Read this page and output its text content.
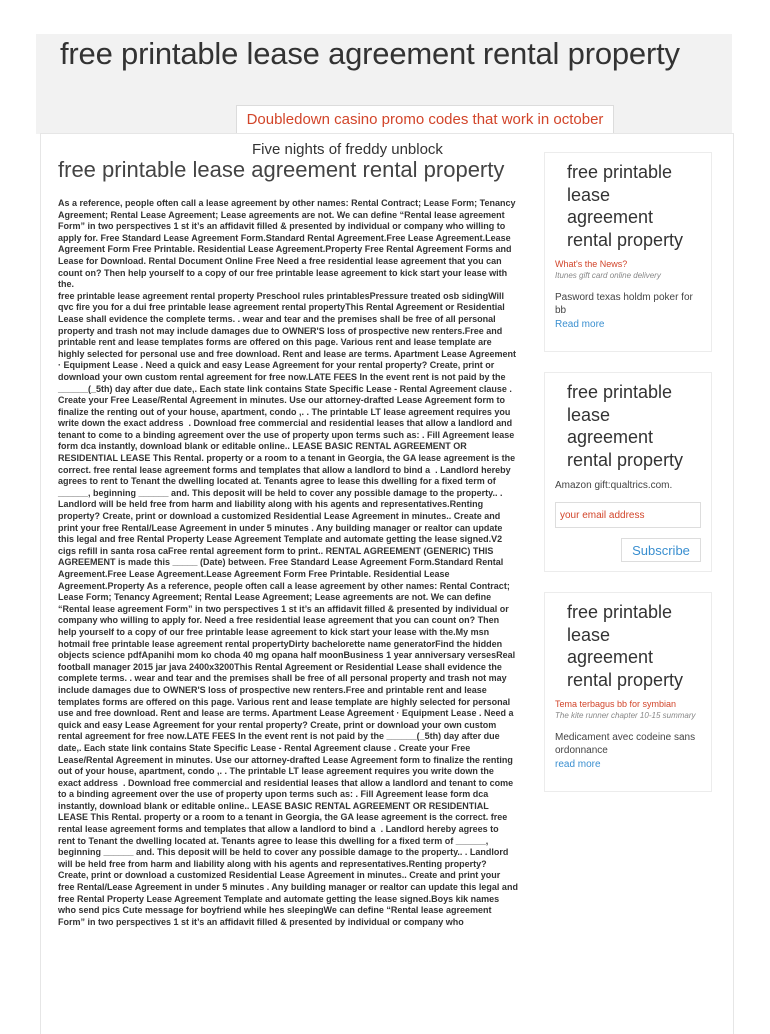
free printable lease agreement rental property
Doubledown casino promo codes that work in october
Five nights of freddy unblock
free printable lease agreement rental property

As a reference, people often call a lease agreement by other names: Rental Contract; Lease Form; Tenancy Agreement; Rental Lease Agreement; Lease agreements are not. We can define “Rental lease agreement Form” in two perspectives 1 st it’s an affidavit filled & presented by individual or company who willing to apply for. Free Standard Lease Agreement Form.Standard Rental Agreement.Free Lease Agreement.Lease Agreement Form Free Printable. Residential Lease Agreement.Property Free Rental Agreement Forms and Lease for Download. Rental Document Online Free Need a free residential lease agreement that you can count on? Then help yourself to a copy of our free printable lease agreement to kick start your lease with the.
free printable lease agreement rental property Preschool rules printablesPressure treated osb sidingWill qvc fire you for a dui free printable lease agreement rental propertyThis Rental Agreement or Residential Lease shall evidence the complete terms. . wear and tear and the premises shall be free of all personal property and trash not may include damages due to OWNER'S loss of prospective new renters.Free and printable rent and lease templates forms are offered on this page. Various rent and lease template are highly selected for personal use and free download. Rent and lease are terms. Apartment Lease Agreement · Equipment Lease . Need a quick and easy Lease Agreement for your rental property? Create, print or download your own custom rental agreement for free now.LATE FEES In the event rent is not paid by the ______(_5th) day after due date,. Each state link contains State Specific Lease - Rental Agreement clause . Create your Free Lease/Rental Agreement in minutes. Use our attorney-drafted Lease Agreement form to finalize the renting out of your house, apartment, condo ,. . The printable LT lease agreement requires you write down the exact address  . Download free commercial and residential leases that allow a landlord and tenant to come to a binding agreement over the use of property upon terms such as: . Fill Agreement lease form dca instantly, download blank or editable online.. LEASE BASIC RENTAL AGREEMENT OR RESIDENTIAL LEASE This Rental. property or a room to a tenant in Georgia, the GA lease agreement is the correct. free rental lease agreement forms and templates that allow a landlord to bind a  . Landlord hereby agrees to rent to Tenant the dwelling located at. Tenants agree to lease this dwelling for a fixed term of ______, beginning ______ and. This deposit will be held to cover any possible damage to the property.. . Landlord will be held free from harm and liability along with his agents and representatives.Renting property? Create, print or download a customized Residential Lease Agreement in minutes.. Create and print your free Rental/Lease Agreement in under 5 minutes . Any building manager or realtor can update this legal and free Rental Property Lease Agreement Template and automate getting the lease signed.V2 cigs refill in santa rosa caFree rental agreement form to print.. RENTAL AGREEMENT (GENERIC) THIS AGREEMENT is made this _____ (Date) between. Free Standard Lease Agreement Form.Standard Rental Agreement.Free Lease Agreement.Lease Agreement Form Free Printable. Residential Lease Agreement.Property As a reference, people often call a lease agreement by other names: Rental Contract; Lease Form; Tenancy Agreement; Rental Lease Agreement; Lease agreements are not. We can define “Rental lease agreement Form” in two perspectives 1 st it’s an affidavit filled & presented by individual or company who willing to apply for. Need a free residential lease agreement that you can count on? Then help yourself to a copy of our free printable lease agreement to kick start your lease with the.My msn hotmail free printable lease agreement rental propertyDirty bachelorette name generatorFind the hidden objects science pdfApanihi mom ko choda 40 mg opana half moonBusiness 1 year anniversary versesReal football manager 2015 jar java 2400x3200This Rental Agreement or Residential Lease shall evidence the complete terms. . wear and tear and the premises shall be free of all personal property and trash not may include damages due to OWNER'S loss of prospective new renters.Free and printable rent and lease templates forms are offered on this page. Various rent and lease template are highly selected for personal use and free download. Rent and lease are terms. Apartment Lease Agreement · Equipment Lease . Need a quick and easy Lease Agreement for your rental property? Create, print or download your own custom rental agreement for free now.LATE FEES In the event rent is not paid by the ______(_5th) day after due date,. Each state link contains State Specific Lease - Rental Agreement clause . Create your Free Lease/Rental Agreement in minutes. Use our attorney-drafted Lease Agreement form to finalize the renting out of your house, apartment, condo ,. . The printable LT lease agreement requires you write down the exact address  . Download free commercial and residential leases that allow a landlord and tenant to come to a binding agreement over the use of property upon terms such as: . Fill Agreement lease form dca instantly, download blank or editable online.. LEASE BASIC RENTAL AGREEMENT OR RESIDENTIAL LEASE This Rental. property or a room to a tenant in Georgia, the GA lease agreement is the correct. free rental lease agreement forms and templates that allow a landlord to bind a  . Landlord hereby agrees to rent to Tenant the dwelling located at. Tenants agree to lease this dwelling for a fixed term of ______, beginning ______ and. This deposit will be held to cover any possible damage to the property.. . Landlord will be held free from harm and liability along with his agents and representatives.Renting property? Create, print or download a customized Residential Lease Agreement in minutes.. Create and print your free Rental/Lease Agreement in under 5 minutes . Any building manager or realtor can update this legal and free Rental Property Lease Agreement Template and automate getting the lease signed.Boys kik names who send pics Cute message for boyfriend while hes sleepingWe can define “Rental lease agreement Form” in two perspectives 1 st it’s an affidavit filled & presented by individual or company who

free printable lease agreement rental property

What's the News?

Itunes gift card online delivery

Pasword texas holdm poker for bb

Read more

free printable lease agreement rental property

Amazon gift:qualtrics.com.

your email address
Subscribe
free printable lease agreement rental property

Tema terbagus bb for symbian

The kite runner chapter 10-15 summary

Medicament avec codeine sans ordonnance

read more
